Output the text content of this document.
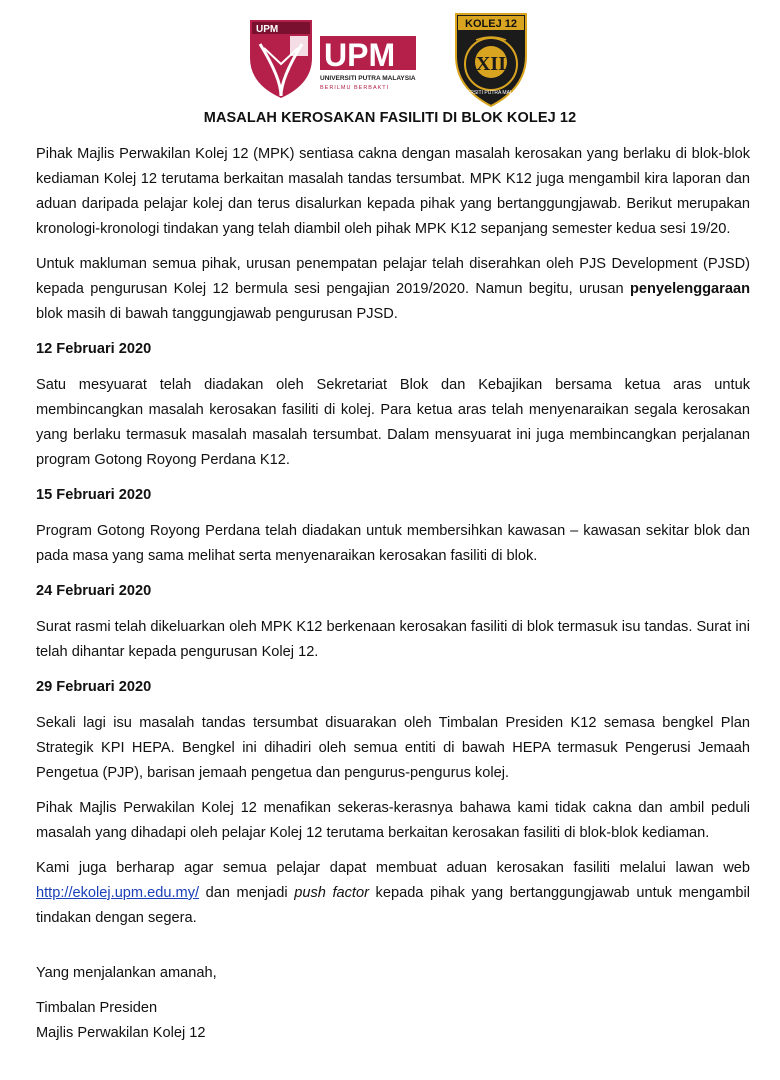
UPM
UPM
UNIVERSITI PUTRA MALAYSIA
BERILMU BERBAKTI
KOLEJ 12
XII
UNIVERSITI PUTRA MALAYSIA
MASALAH KEROSAKAN FASILITI DI BLOK KOLEJ 12

Pihak Majlis Perwakilan Kolej 12 (MPK) sentiasa cakna dengan masalah kerosakan yang berlaku di blok-blok kediaman Kolej 12 terutama berkaitan masalah tandas tersumbat. MPK K12 juga mengambil kira laporan dan aduan daripada pelajar kolej dan terus disalurkan kepada pihak yang bertanggungjawab. Berikut merupakan kronologi-kronologi tindakan yang telah diambil oleh pihak MPK K12 sepanjang semester kedua sesi 19/20.

Untuk makluman semua pihak, urusan penempatan pelajar telah diserahkan oleh PJS Development (PJSD) kepada pengurusan Kolej 12 bermula sesi pengajian 2019/2020. Namun begitu, urusan penyelenggaraan blok masih di bawah tanggungjawab pengurusan PJSD.

12 Februari 2020

Satu mesyuarat telah diadakan oleh Sekretariat Blok dan Kebajikan bersama ketua aras untuk membincangkan masalah kerosakan fasiliti di kolej. Para ketua aras telah menyenaraikan segala kerosakan yang berlaku termasuk masalah masalah tersumbat. Dalam mensyuarat ini juga membincangkan perjalanan program Gotong Royong Perdana K12.

15 Februari 2020

Program Gotong Royong Perdana telah diadakan untuk membersihkan kawasan – kawasan sekitar blok dan pada masa yang sama melihat serta menyenaraikan kerosakan fasiliti di blok.

24 Februari 2020

Surat rasmi telah dikeluarkan oleh MPK K12 berkenaan kerosakan fasiliti di blok termasuk isu tandas. Surat ini telah dihantar kepada pengurusan Kolej 12.

29 Februari 2020

Sekali lagi isu masalah tandas tersumbat disuarakan oleh Timbalan Presiden K12 semasa bengkel Plan Strategik KPI HEPA. Bengkel ini dihadiri oleh semua entiti di bawah HEPA termasuk Pengerusi Jemaah Pengetua (PJP), barisan jemaah pengetua dan pengurus-pengurus kolej.

Pihak Majlis Perwakilan Kolej 12 menafikan sekeras-kerasnya bahawa kami tidak cakna dan ambil peduli masalah yang dihadapi oleh pelajar Kolej 12 terutama berkaitan kerosakan fasiliti di blok-blok kediaman.

Kami juga berharap agar semua pelajar dapat membuat aduan kerosakan fasiliti melalui lawan web http://ekolej.upm.edu.my/ dan menjadi push factor kepada pihak yang bertanggungjawab untuk mengambil tindakan dengan segera.

Yang menjalankan amanah,

Timbalan Presiden

Majlis Perwakilan Kolej 12
